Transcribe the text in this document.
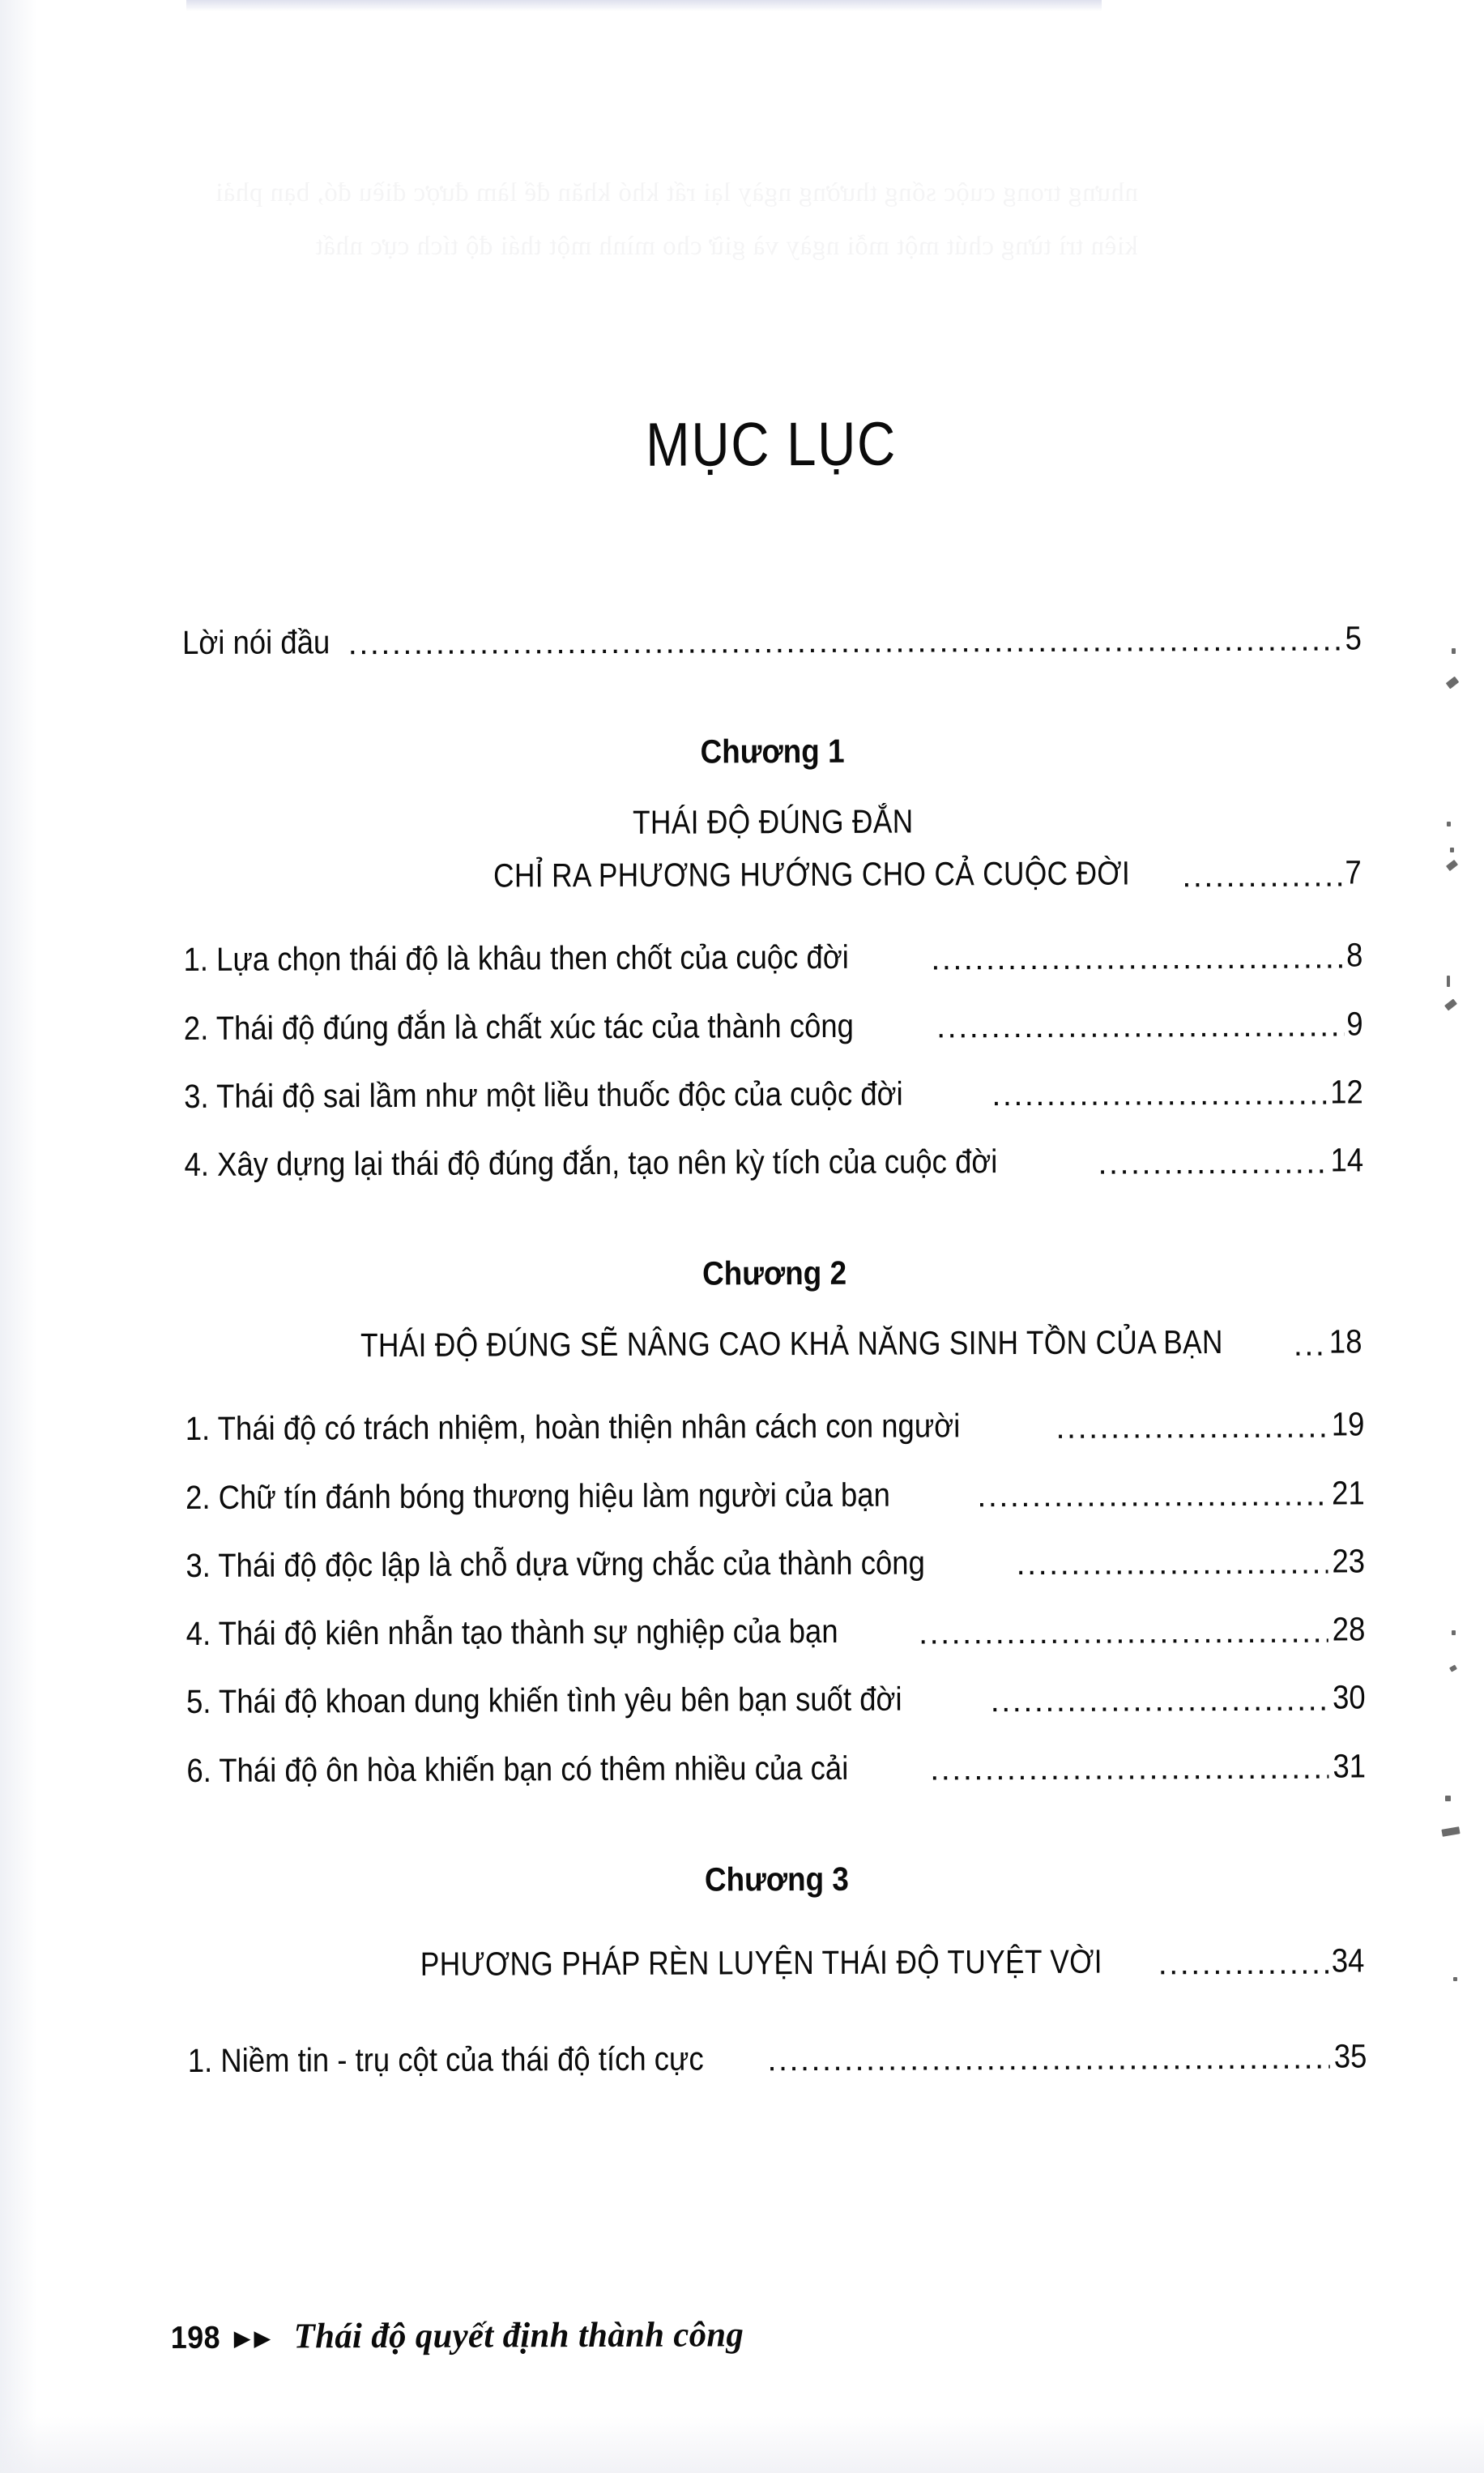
MỤC LỤC
Lời nói đầu .....	5
Chương 1
THÁI ĐỘ ĐÚNG ĐẮN
CHỈ RA PHƯƠNG HƯỚNG CHO CẢ CUỘC ĐỜI .....	7
1. Lựa chọn thái độ là khâu then chốt của cuộc đời .....	8
2. Thái độ đúng đắn là chất xúc tác của thành công .....	9
3. Thái độ sai lầm như một liều thuốc độc của cuộc đời .....	12
4. Xây dựng lại thái độ đúng đắn, tạo nên kỳ tích của cuộc đời .....	14
Chương 2
THÁI ĐỘ ĐÚNG SẼ NÂNG CAO KHẢ NĂNG SINH TỒN CỦA BẠN .....	18
1. Thái độ có trách nhiệm, hoàn thiện nhân cách con người .....	19
2. Chữ tín đánh bóng thương hiệu làm người của bạn .....	21
3. Thái độ độc lập là chỗ dựa vững chắc của thành công .....	23
4. Thái độ kiên nhẫn tạo thành sự nghiệp của bạn .....	28
5. Thái độ khoan dung khiến tình yêu bên bạn suốt đời .....	30
6. Thái độ ôn hòa khiến bạn có thêm nhiều của cải .....	31
Chương 3
PHƯƠNG PHÁP RÈN LUYỆN THÁI ĐỘ TUYỆT VỜI .....	34
1. Niềm tin - trụ cột của thái độ tích cực .....	35
198 ▶▶ Thái độ quyết định thành công
